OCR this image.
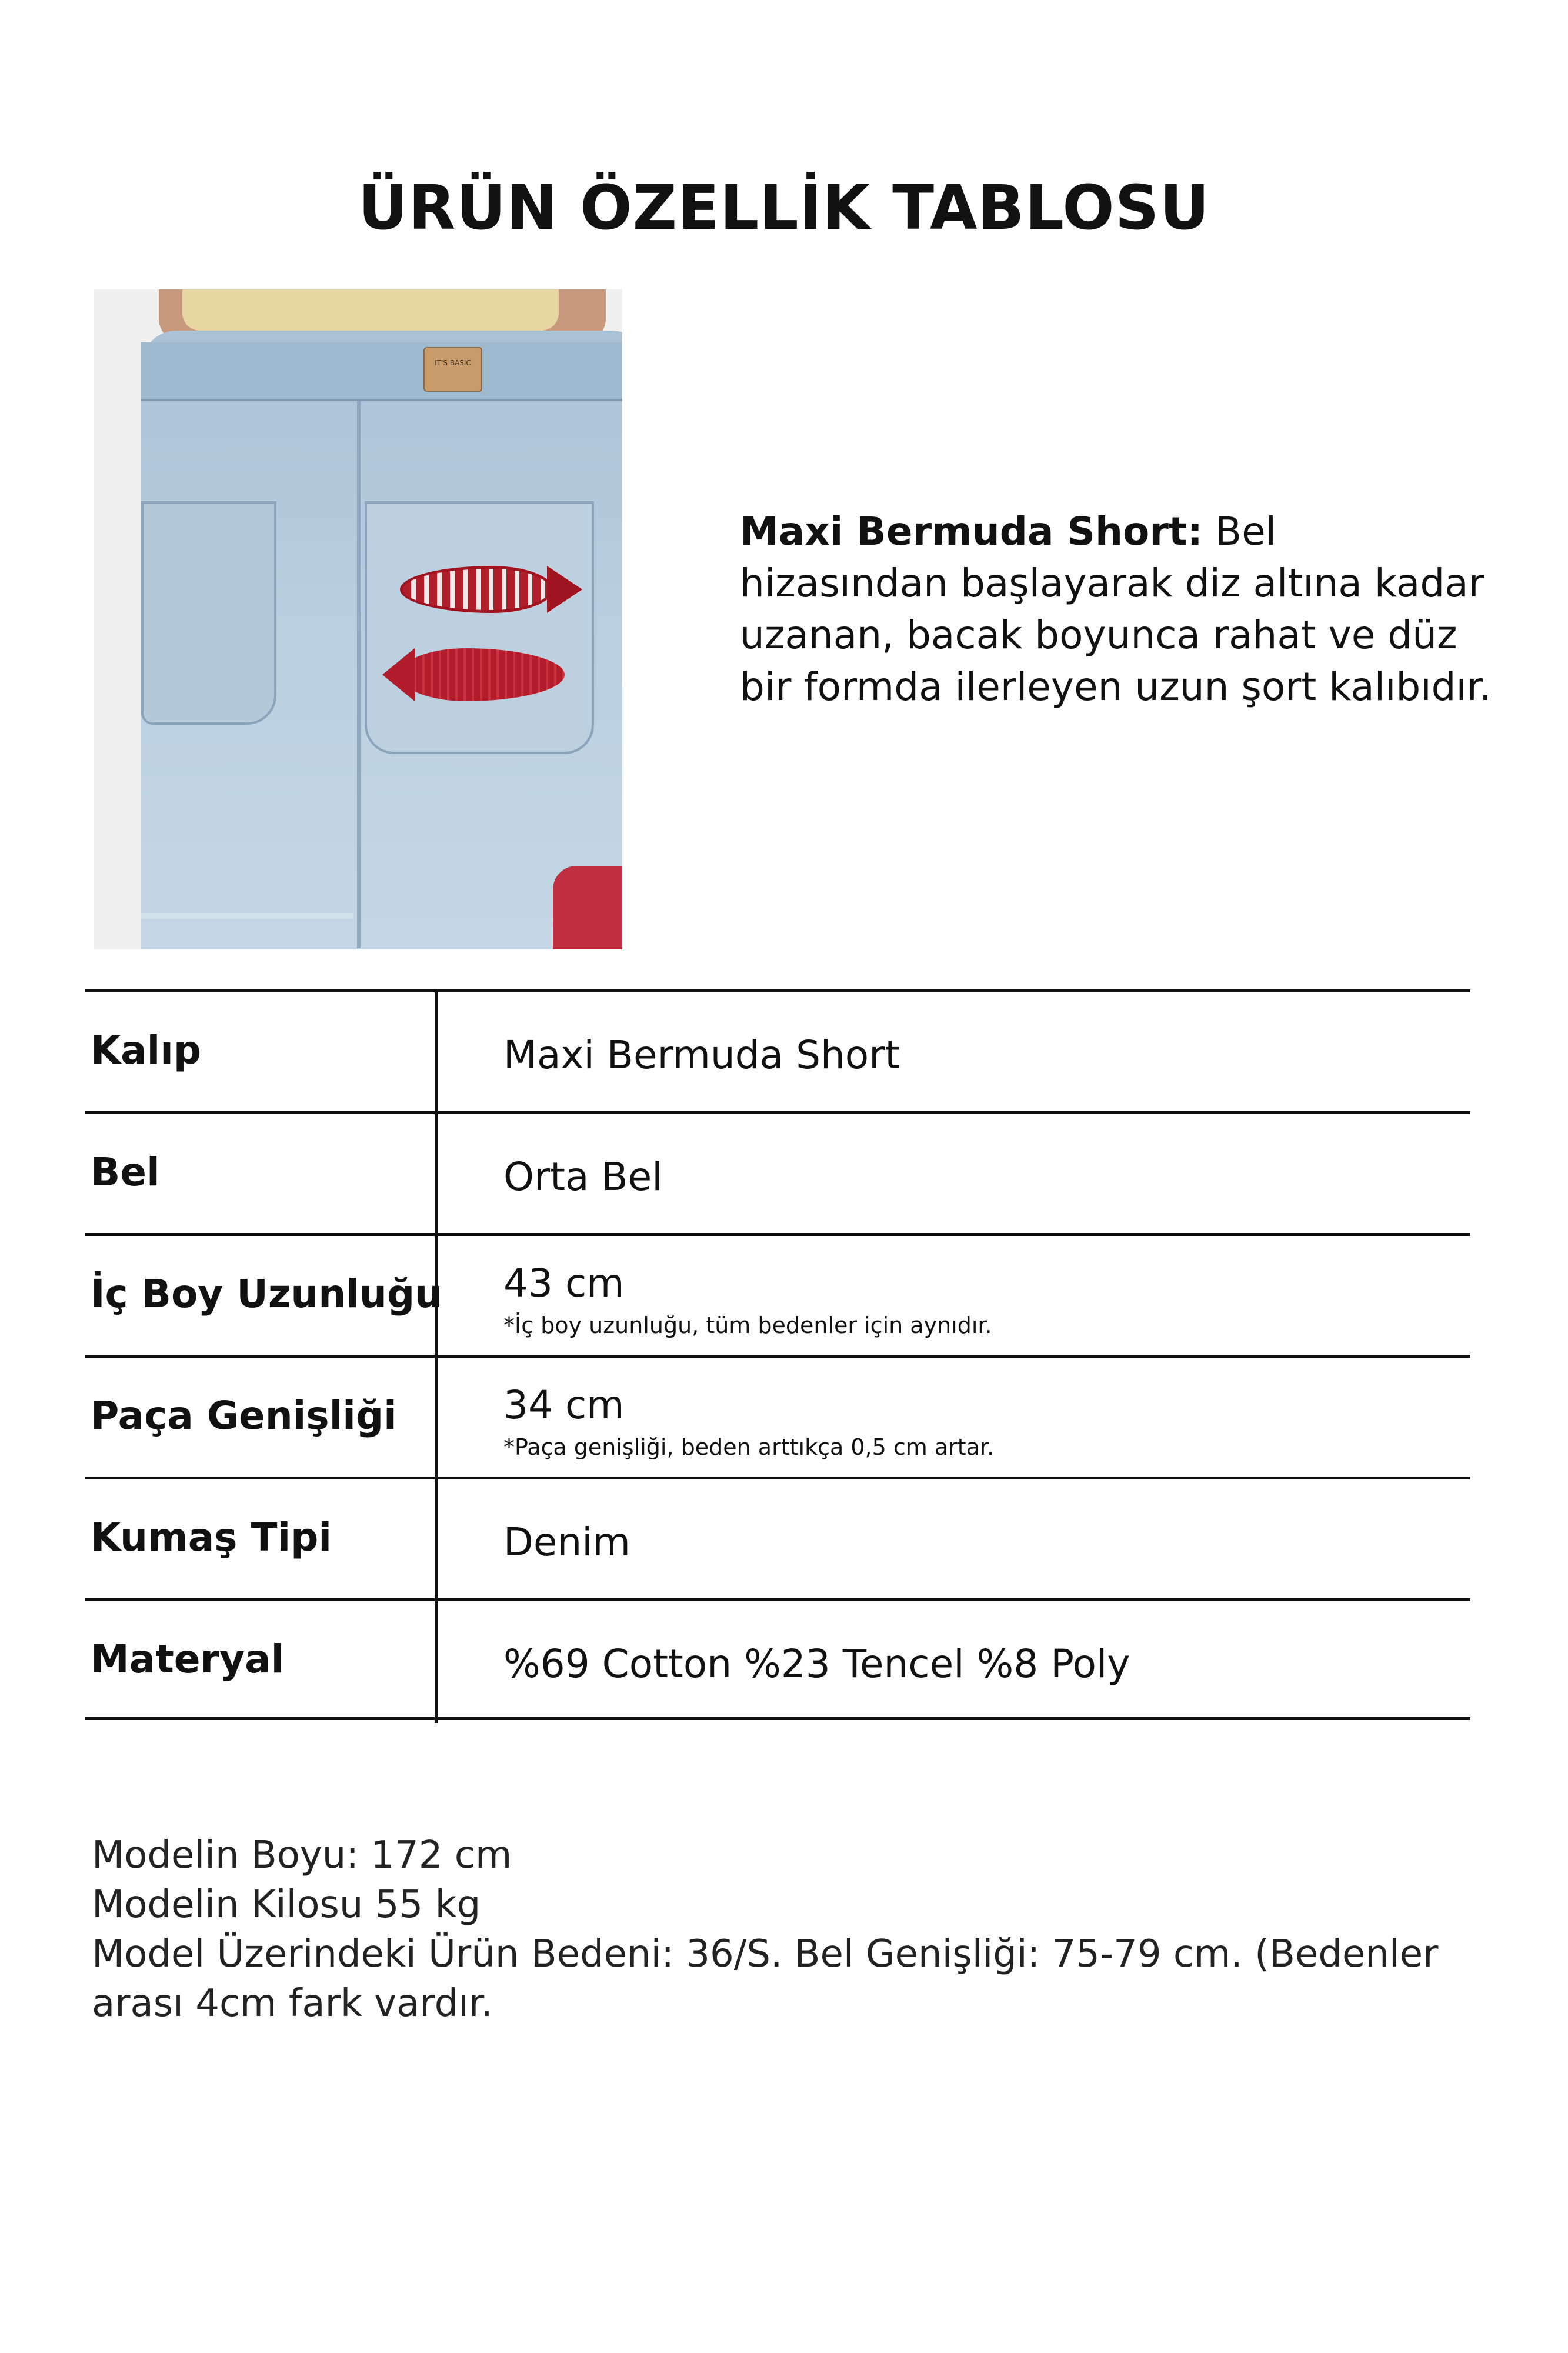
ÜRÜN ÖZELLİK TABLOSU
IT'S BASIC

Maxi Bermuda Short: Bel hizasından başlayarak diz altına kadar uzanan, bacak boyunca rahat ve düz bir formda ilerleyen uzun şort kalıbıdır.

Kalıp	Maxi Bermuda Short
Bel	Orta Bel
İç Boy Uzunluğu 43 cm
*İç boy uzunluğu, tüm bedenler için aynıdır.
Paça Genişliği	34 cm
*Paça genişliği, beden arttıkça 0,5 cm artar.
Kumaş Tipi	Denim
Materyal	%69 Cotton %23 Tencel %8 Poly
Modelin Boyu: 172 cm
Modelin Kilosu 55 kg
Model Üzerindeki Ürün Bedeni: 36/S. Bel Genişliği: 75-79 cm. (Bedenler
arası 4cm fark vardır.
